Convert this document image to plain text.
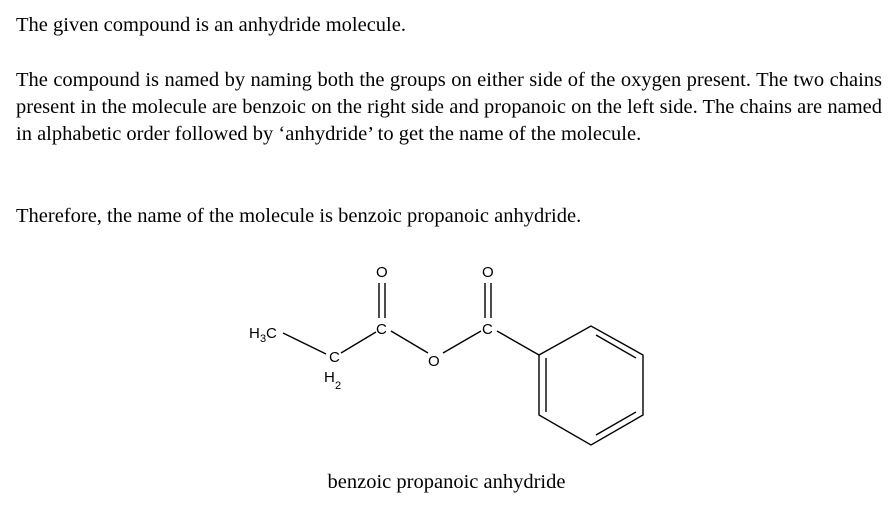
The given compound is an anhydride molecule.

The compound is named by naming both the groups on either side of the oxygen present. The two chains present in the molecule are benzoic on the right side and propanoic on the left side. The chains are named in alphabetic order followed by ‘anhydride’ to get the name of the molecule.

Therefore, the name of the molecule is benzoic propanoic anhydride.

H 3 C
C
H 2
C
O
O
C
O
benzoic propanoic anhydride
